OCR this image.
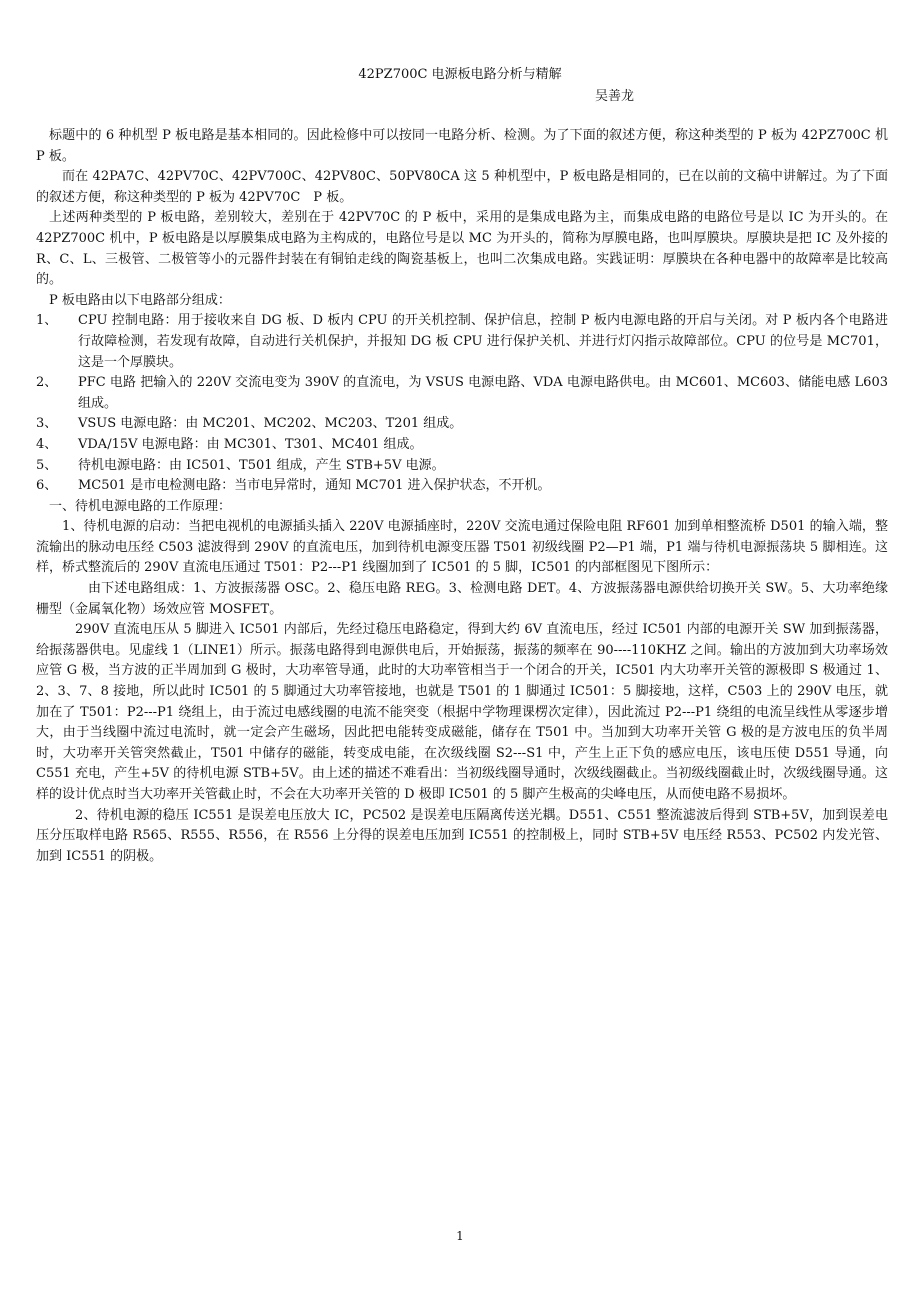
42PZ700C 电源板电路分析与精解
吴善龙

标题中的 6 种机型 P 板电路是基本相同的。因此检修中可以按同一电路分析、检测。为了下面的叙述方便，称这种类型的 P 板为 42PZ700C 机 P 板。

而在 42PA7C、42PV70C、42PV700C、42PV80C、50PV80CA 这 5 种机型中，P 板电路是相同的，已在以前的文稿中讲解过。为了下面的叙述方便，称这种类型的 P 板为 42PV70C　P 板。

上述两种类型的 P 板电路，差别较大，差别在于 42PV70C 的 P 板中，采用的是集成电路为主，而集成电路的电路位号是以 IC 为开头的。在 42PZ700C 机中，P 板电路是以厚膜集成电路为主构成的，电路位号是以 MC 为开头的，简称为厚膜电路，也叫厚膜块。厚膜块是把 IC 及外接的 R、C、L、三极管、二极管等小的元器件封装在有铜铂走线的陶瓷基板上，也叫二次集成电路。实践证明：厚膜块在各种电器中的故障率是比较高的。

P 板电路由以下电路部分组成：

1、	CPU 控制电路：用于接收来自 DG 板、D 板内 CPU 的开关机控制、保护信息，控制 P 板内电源电路的开启与关闭。对 P 板内各个电路进行故障检测，若发现有故障，自动进行关机保护，并报知 DG 板 CPU 进行保护关机、并进行灯闪指示故障部位。CPU 的位号是 MC701，这是一个厚膜块。
2、	PFC 电路 把输入的 220V 交流电变为 390V 的直流电，为 VSUS 电源电路、VDA 电源电路供电。由 MC601、MC603、储能电感 L603 组成。
3、	VSUS 电源电路：由 MC201、MC202、MC203、T201 组成。
4、	VDA/15V 电源电路：由 MC301、T301、MC401 组成。
5、	待机电源电路：由 IC501、T501 组成，产生 STB+5V 电源。
6、	MC501 是市电检测电路：当市电异常时，通知 MC701 进入保护状态，不开机。

一、待机电源电路的工作原理：

1、待机电源的启动：当把电视机的电源插头插入 220V 电源插座时，220V 交流电通过保险电阻 RF601 加到单相整流桥 D501 的输入端，整流输出的脉动电压经 C503 滤波得到 290V 的直流电压，加到待机电源变压器 T501 初级线圈 P2—P1 端，P1 端与待机电源振荡块 5 脚相连。这样，桥式整流后的 290V 直流电压通过 T501：P2---P1 线圈加到了 IC501 的 5 脚，IC501 的内部框图见下图所示：

由下述电路组成：1、方波振荡器 OSC。2、稳压电路 REG。3、检测电路 DET。4、方波振荡器电源供给切换开关 SW。5、大功率绝缘栅型（金属氧化物）场效应管 MOSFET。

290V 直流电压从 5 脚进入 IC501 内部后，先经过稳压电路稳定，得到大约 6V 直流电压，经过 IC501 内部的电源开关 SW 加到振荡器，给振荡器供电。见虚线 1（LINE1）所示。振荡电路得到电源供电后，开始振荡，振荡的频率在 90----110KHZ 之间。输出的方波加到大功率场效应管 G 极，当方波的正半周加到 G 极时，大功率管导通，此时的大功率管相当于一个闭合的开关，IC501 内大功率开关管的源极即 S 极通过 1、2、3、7、8 接地，所以此时 IC501 的 5 脚通过大功率管接地，也就是 T501 的 1 脚通过 IC501：5 脚接地，这样，C503 上的 290V 电压，就加在了 T501：P2---P1 绕组上，由于流过电感线圈的电流不能突变（根据中学物理课楞次定律），因此流过 P2---P1 绕组的电流呈线性从零逐步增大，由于当线圈中流过电流时，就一定会产生磁场，因此把电能转变成磁能，储存在 T501 中。当加到大功率开关管 G 极的是方波电压的负半周时，大功率开关管突然截止，T501 中储存的磁能，转变成电能，在次级线圈 S2---S1 中，产生上正下负的感应电压，该电压使 D551 导通，向 C551 充电，产生+5V 的待机电源 STB+5V。由上述的描述不难看出：当初级线圈导通时，次级线圈截止。当初级线圈截止时，次级线圈导通。这样的设计优点时当大功率开关管截止时，不会在大功率开关管的 D 极即 IC501 的 5 脚产生极高的尖峰电压，从而使电路不易损坏。

2、待机电源的稳压 IC551 是误差电压放大 IC，PC502 是误差电压隔离传送光耦。D551、C551 整流滤波后得到 STB+5V，加到误差电压分压取样电路 R565、R555、R556，在 R556 上分得的误差电压加到 IC551 的控制极上，同时 STB+5V 电压经 R553、PC502 内发光管、加到 IC551 的阴极。

1
